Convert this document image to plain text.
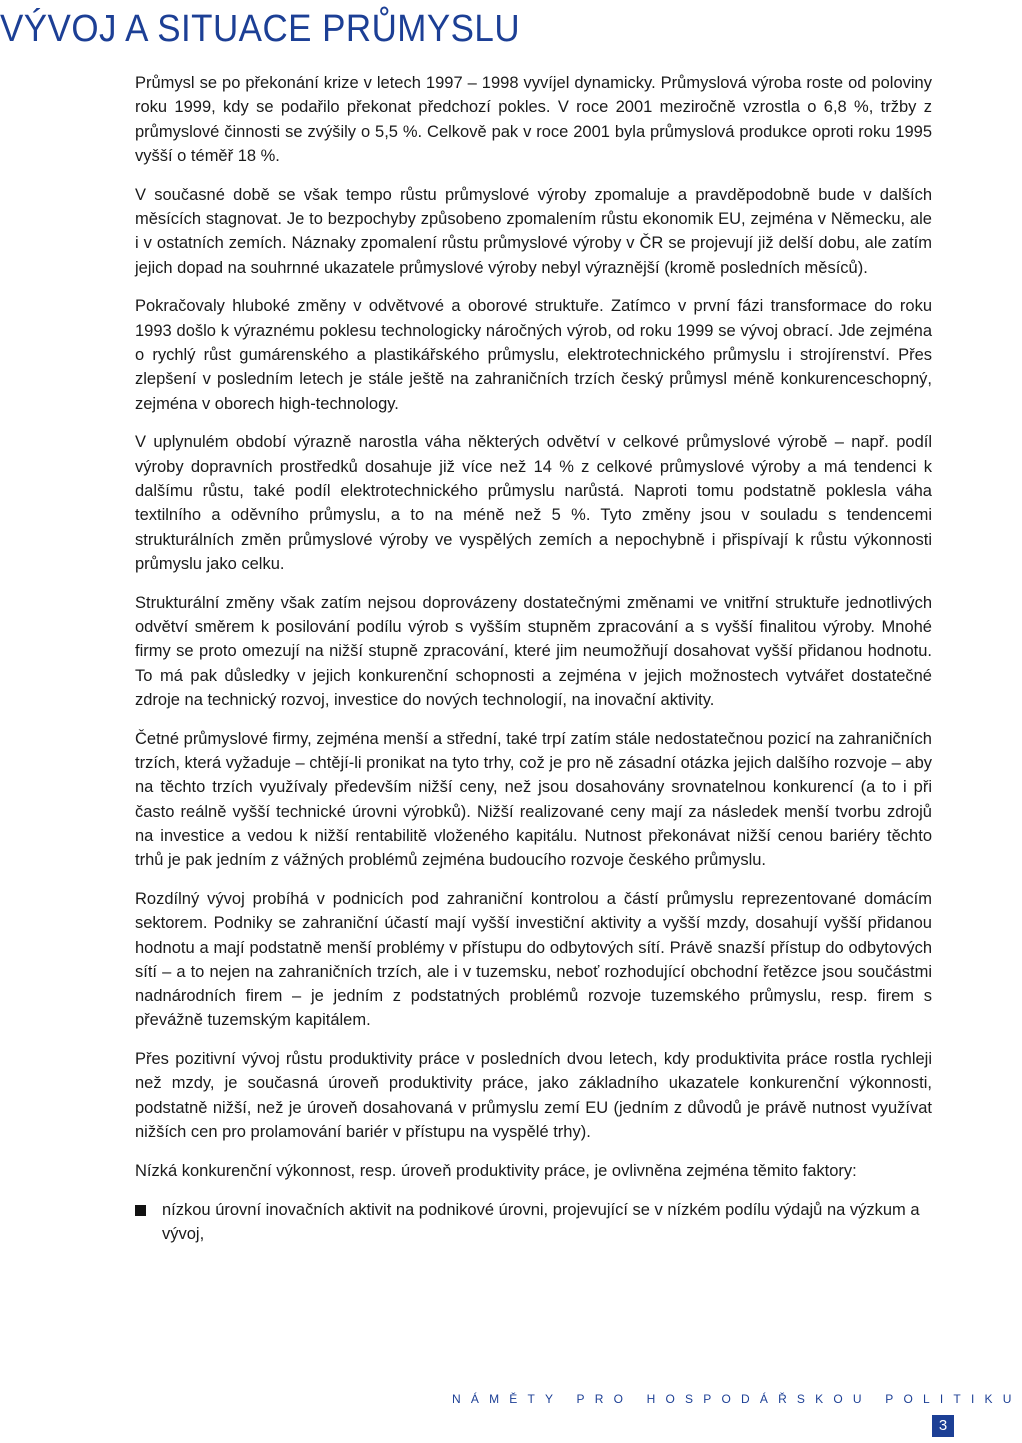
VÝVOJ A SITUACE PRŮMYSLU

Průmysl se po překonání krize v letech 1997 – 1998 vyvíjel dynamicky. Průmyslová výroba roste od poloviny roku 1999, kdy se podařilo překonat předchozí pokles. V roce 2001 meziročně vzrostla o 6,8 %, tržby z průmyslové činnosti se zvýšily o 5,5 %. Celkově pak v roce 2001 byla průmyslová produkce oproti roku 1995 vyšší o téměř 18 %.

V současné době se však tempo růstu průmyslové výroby zpomaluje a pravděpodobně bude v dalších měsících stagnovat. Je to bezpochyby způsobeno zpomalením růstu ekonomik EU, zejména v Německu, ale i v ostatních zemích. Náznaky zpomalení růstu průmyslové výroby v ČR se projevují již delší dobu, ale zatím jejich dopad na souhrnné ukazatele průmyslové výroby nebyl výraznější (kromě posledních měsíců).

Pokračovaly hluboké změny v odvětvové a oborové struktuře. Zatímco v první fázi transformace do roku 1993 došlo k výraznému poklesu technologicky náročných výrob, od roku 1999 se vývoj obrací. Jde zejména o rychlý růst gumárenského a plastikářského průmyslu, elektrotechnického průmyslu i strojírenství. Přes zlepšení v posledním letech je stále ještě na zahraničních trzích český průmysl méně konkurenceschopný, zejména v oborech high-technology.

V uplynulém období výrazně narostla váha některých odvětví v celkové průmyslové výrobě – např. podíl výroby dopravních prostředků dosahuje již více než 14 % z celkové průmyslové výroby a má tendenci k dalšímu růstu, také podíl elektrotechnického průmyslu narůstá. Naproti tomu podstatně poklesla váha textilního a oděvního průmyslu, a to na méně než 5 %. Tyto změny jsou v souladu s tendencemi strukturálních změn průmyslové výroby ve vyspělých zemích a nepochybně i přispívají k růstu výkonnosti průmyslu jako celku.

Strukturální změny však zatím nejsou doprovázeny dostatečnými změnami ve vnitřní struktuře jednotlivých odvětví směrem k posilování podílu výrob s vyšším stupněm zpracování a s vyšší finalitou výroby. Mnohé firmy se proto omezují na nižší stupně zpracování, které jim neumožňují dosahovat vyšší přidanou hodnotu. To má pak důsledky v jejich konkurenční schopnosti a zejména v jejich možnostech vytvářet dostatečné zdroje na technický rozvoj, investice do nových technologií, na inovační aktivity.

Četné průmyslové firmy, zejména menší a střední, také trpí zatím stále nedostatečnou pozicí na zahraničních trzích, která vyžaduje – chtějí-li pronikat na tyto trhy, což je pro ně zásadní otázka jejich dalšího rozvoje – aby na těchto trzích využívaly především nižší ceny, než jsou dosahovány srovnatelnou konkurencí (a to i při často reálně vyšší technické úrovni výrobků). Nižší realizované ceny mají za následek menší tvorbu zdrojů na investice a vedou k nižší rentabilitě vloženého kapitálu. Nutnost překonávat nižší cenou bariéry těchto trhů je pak jedním z vážných problémů zejména budoucího rozvoje českého průmyslu.

Rozdílný vývoj probíhá v podnicích pod zahraniční kontrolou a částí průmyslu reprezentované domácím sektorem. Podniky se zahraniční účastí mají vyšší investiční aktivity a vyšší mzdy, dosahují vyšší přidanou hodnotu a mají podstatně menší problémy v přístupu do odbytových sítí. Právě snazší přístup do odbytových sítí – a to nejen na zahraničních trzích, ale i v tuzemsku, neboť rozhodující obchodní řetězce jsou součástmi nadnárodních firem – je jedním z podstatných problémů rozvoje tuzemského průmyslu, resp. firem s převážně tuzemským kapitálem.

Přes pozitivní vývoj růstu produktivity práce v posledních dvou letech, kdy produktivita práce rostla rychleji než mzdy, je současná úroveň produktivity práce, jako základního ukazatele konkurenční výkonnosti, podstatně nižší, než je úroveň dosahovaná v průmyslu zemí EU (jedním z důvodů je právě nutnost využívat nižších cen pro prolamování bariér v přístupu na vyspělé trhy).

Nízká konkurenční výkonnost, resp. úroveň produktivity práce, je ovlivněna zejména těmito faktory:

nízkou úrovní inovačních aktivit na podnikové úrovni, projevující se v nízkém podílu výdajů na výzkum a vývoj,
NÁMĚTY PRO HOSPODÁŘSKOU POLITIKU
3
